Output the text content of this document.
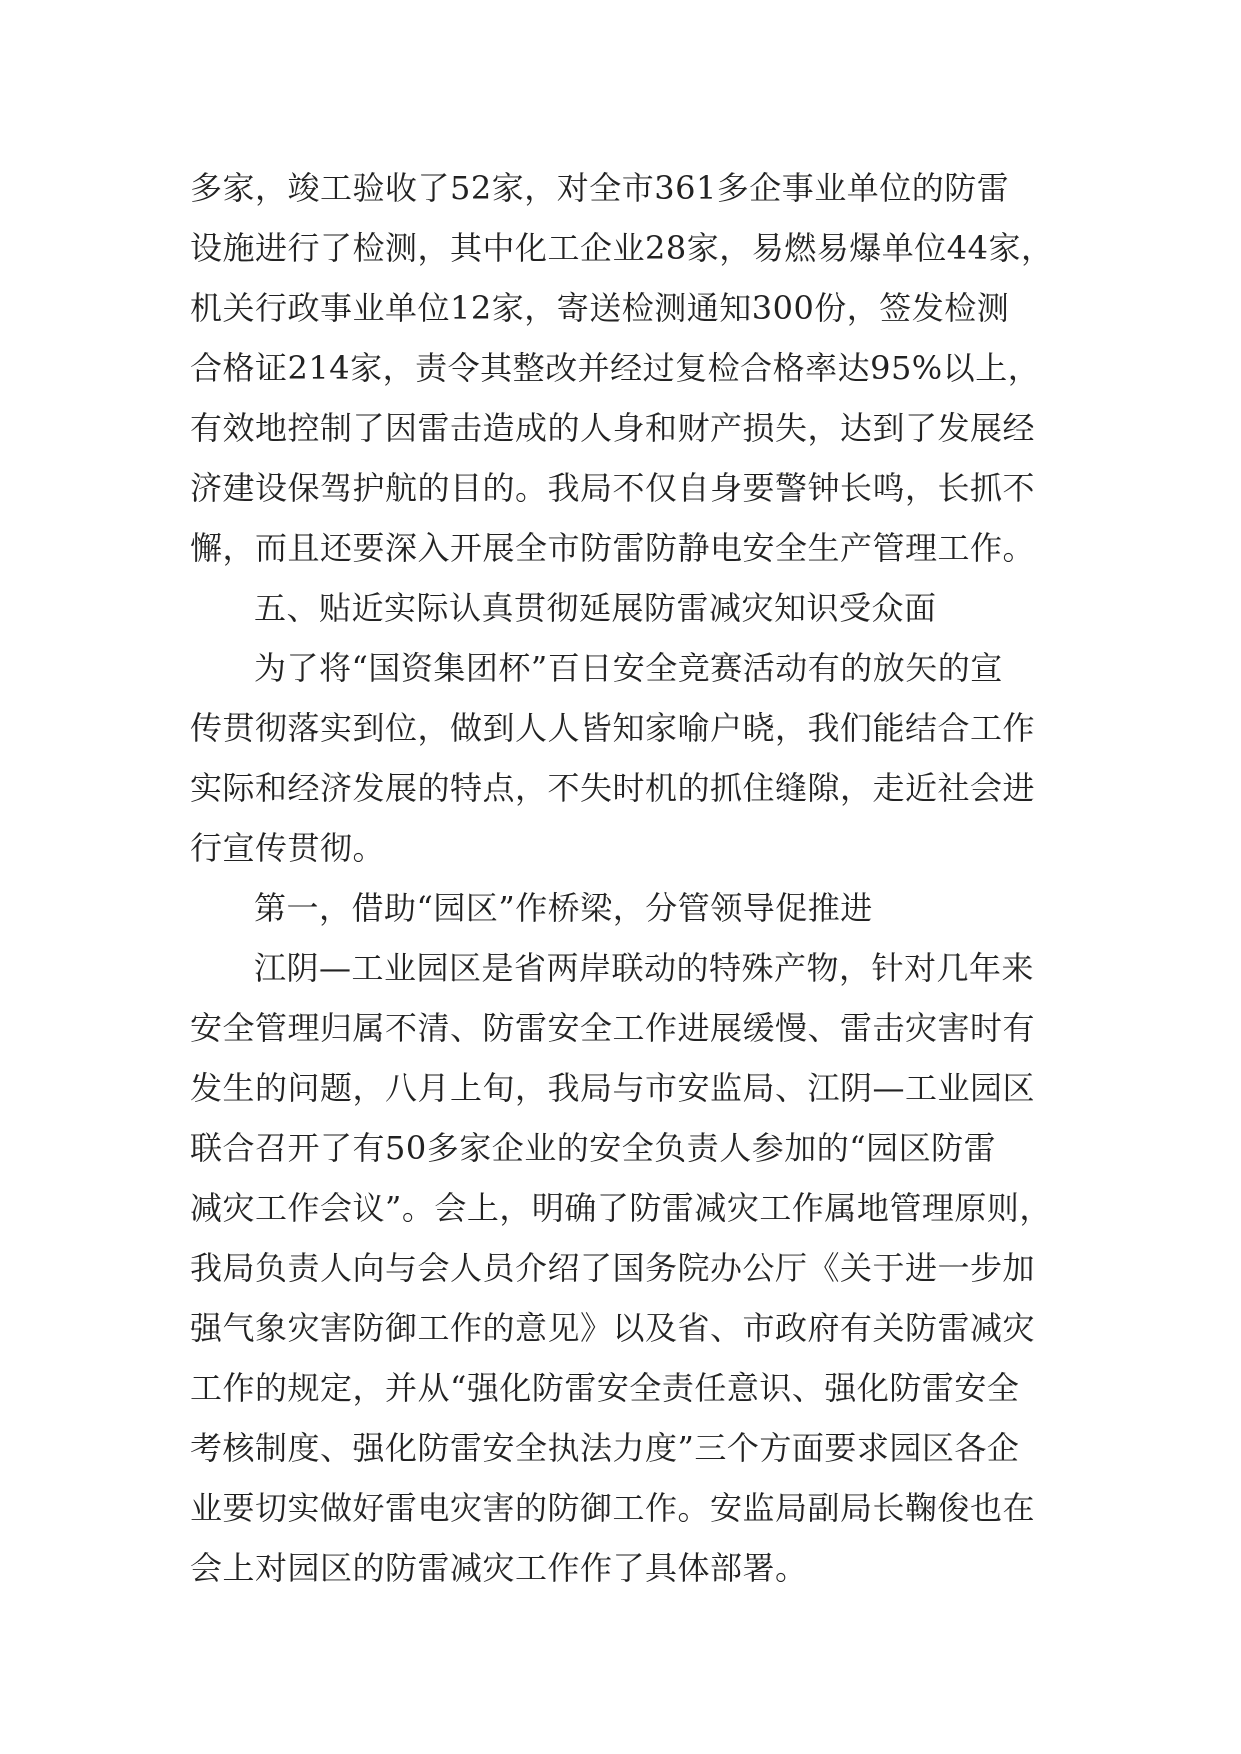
多家，竣工验收了52家，对全市361多企事业单位的防雷
设施进行了检测，其中化工企业28家，易燃易爆单位44家，
机关行政事业单位12家，寄送检测通知300份，签发检测
合格证214家，责令其整改并经过复检合格率达95%以上，
有效地控制了因雷击造成的人身和财产损失，达到了发展经
济建设保驾护航的目的。我局不仅自身要警钟长鸣，长抓不
懈，而且还要深入开展全市防雷防静电安全生产管理工作。
五、贴近实际认真贯彻延展防雷减灾知识受众面
为了将“国资集团杯”百日安全竞赛活动有的放矢的宣
传贯彻落实到位，做到人人皆知家喻户晓，我们能结合工作
实际和经济发展的特点，不失时机的抓住缝隙，走近社会进
行宣传贯彻。
第一，借助“园区”作桥梁，分管领导促推进
江阴—工业园区是省两岸联动的特殊产物，针对几年来
安全管理归属不清、防雷安全工作进展缓慢、雷击灾害时有
发生的问题，八月上旬，我局与市安监局、江阴—工业园区
联合召开了有50多家企业的安全负责人参加的“园区防雷
减灾工作会议”。会上，明确了防雷减灾工作属地管理原则，
我局负责人向与会人员介绍了国务院办公厅《关于进一步加
强气象灾害防御工作的意见》以及省、市政府有关防雷减灾
工作的规定，并从“强化防雷安全责任意识、强化防雷安全
考核制度、强化防雷安全执法力度”三个方面要求园区各企
业要切实做好雷电灾害的防御工作。安监局副局长鞠俊也在
会上对园区的防雷减灾工作作了具体部署。
